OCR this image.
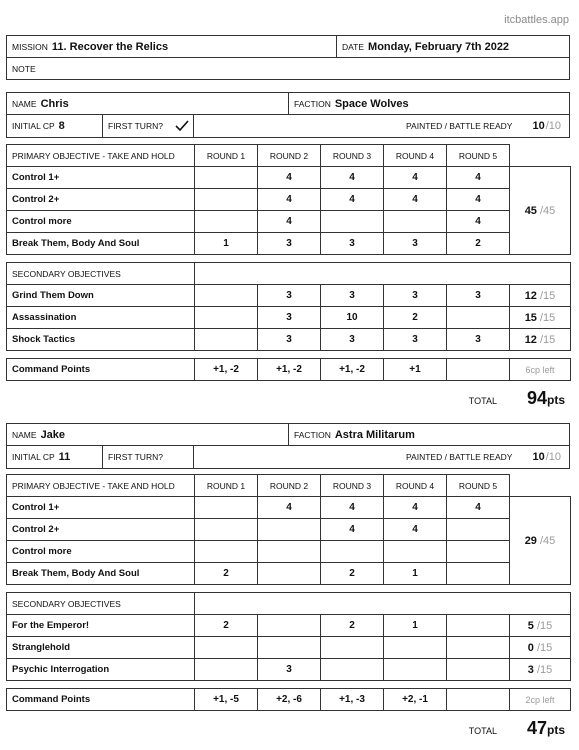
itcbattles.app
MISSION 11. Recover the Relics	DATE Monday, February 7th 2022
NOTE
NAME Chris	FACTION Space Wolves
INITIAL CP 8	FIRST TURN?	PAINTED / BATTLE READY 10 /10
PRIMARY OBJECTIVE - TAKE AND HOLD	ROUND 1	ROUND 2	ROUND 3	ROUND 4	ROUND 5	
Control 1+		4	4	4	4	45 /45
Control 2+		4	4	4	4	
Control more		4			4	
Break Them, Body And Soul	1	3	3	3	2	

SECONDARY OBJECTIVES						
Grind Them Down		3	3	3	3	12 /15
Assassination		3	10	2		15 /15
Shock Tactics		3	3	3	3	12 /15

Command Points	+1, -2	+1, -2	+1, -2	+1		6cp left
TOTAL 94 pts
NAME Jake	FACTION Astra Militarum
INITIAL CP 11	FIRST TURN?	PAINTED / BATTLE READY 10 /10
PRIMARY OBJECTIVE - TAKE AND HOLD	ROUND 1	ROUND 2	ROUND 3	ROUND 4	ROUND 5	
Control 1+		4	4	4	4	29 /45
Control 2+			4	4		
Control more						
Break Them, Body And Soul	2		2	1		

SECONDARY OBJECTIVES						
For the Emperor!	2		2	1		5 /15
Stranglehold						0 /15
Psychic Interrogation		3				3 /15

Command Points	+1, -5	+2, -6	+1, -3	+2, -1		2cp left
TOTAL 47 pts
